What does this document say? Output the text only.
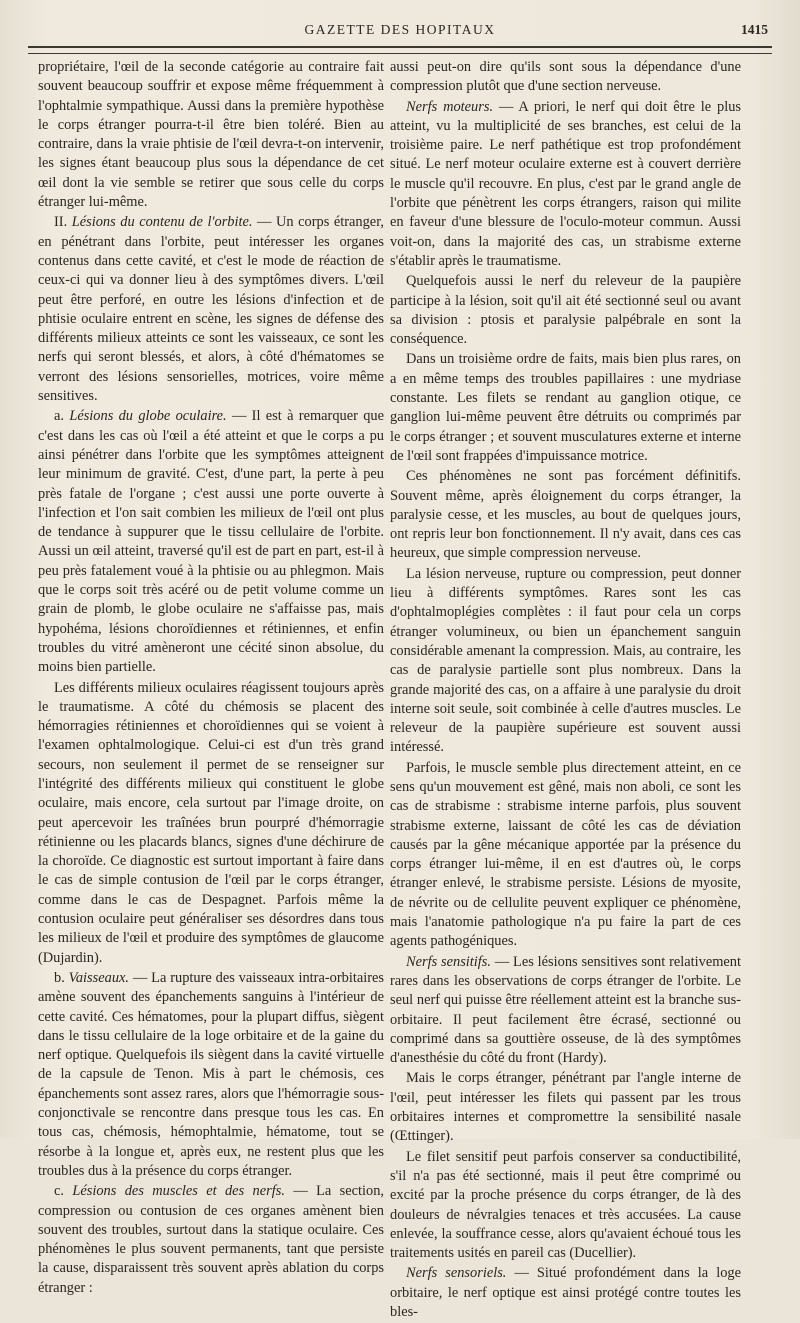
GAZETTE DES HOPITAUX	1415

propriétaire, l'œil de la seconde catégorie au contraire fait souvent beaucoup souffrir et expose même fréquemment à l'ophtalmie sympathique. Aussi dans la première hypothèse le corps étranger pourra-t-il être bien toléré. Bien au contraire, dans la vraie phtisie de l'œil devra-t-on intervenir, les signes étant beaucoup plus sous la dépendance de cet œil dont la vie semble se retirer que sous celle du corps étranger lui-même.

II. Lésions du contenu de l'orbite. — Un corps étranger, en pénétrant dans l'orbite, peut intéresser les organes contenus dans cette cavité, et c'est le mode de réaction de ceux-ci qui va donner lieu à des symptômes divers. L'œil peut être perforé, en outre les lésions d'infection et de phtisie oculaire entrent en scène, les signes de défense des différents milieux atteints ce sont les vaisseaux, ce sont les nerfs qui seront blessés, et alors, à côté d'hématomes se verront des lésions sensorielles, motrices, voire même sensitives.

a. Lésions du globe oculaire. — Il est à remarquer que c'est dans les cas où l'œil a été atteint et que le corps a pu ainsi pénétrer dans l'orbite que les symptômes atteignent leur minimum de gravité. C'est, d'une part, la perte à peu près fatale de l'organe ; c'est aussi une porte ouverte à l'infection et l'on sait combien les milieux de l'œil ont plus de tendance à suppurer que le tissu cellulaire de l'orbite. Aussi un œil atteint, traversé qu'il est de part en part, est-il à peu près fatalement voué à la phtisie ou au phlegmon. Mais que le corps soit très acéré ou de petit volume comme un grain de plomb, le globe oculaire ne s'affaisse pas, mais hypohéma, lésions choroïdiennes et rétiniennes, et enfin troubles du vitré amèneront une cécité sinon absolue, du moins bien partielle.

Les différents milieux oculaires réagissent toujours après le traumatisme. A côté du chémosis se placent des hémorragies rétiniennes et choroïdiennes qui se voient à l'examen ophtalmologique. Celui-ci est d'un très grand secours, non seulement il permet de se renseigner sur l'intégrité des différents milieux qui constituent le globe oculaire, mais encore, cela surtout par l'image droite, on peut apercevoir les traînées brun pourpré d'hémorragie rétinienne ou les placards blancs, signes d'une déchirure de la choroïde. Ce diagnostic est surtout important à faire dans le cas de simple contusion de l'œil par le corps étranger, comme dans le cas de Despagnet. Parfois même la contusion oculaire peut généraliser ses désordres dans tous les milieux de l'œil et produire des symptômes de glaucome (Dujardin).

b. Vaisseaux. — La rupture des vaisseaux intra-orbitaires amène souvent des épanchements sanguins à l'intérieur de cette cavité. Ces hématomes, pour la plupart diffus, siègent dans le tissu cellulaire de la loge orbitaire et de la gaine du nerf optique. Quelquefois ils siègent dans la cavité virtuelle de la capsule de Tenon. Mis à part le chémosis, ces épanchements sont assez rares, alors que l'hémorragie sous-conjonctivale se rencontre dans presque tous les cas. En tous cas, chémosis, hémophtalmie, hématome, tout se résorbe à la longue et, après eux, ne restent plus que les troubles dus à la présence du corps étranger.

c. Lésions des muscles et des nerfs. — La section, compression ou contusion de ces organes amènent bien souvent des troubles, surtout dans la statique oculaire. Ces phénomènes le plus souvent permanents, tant que persiste la cause, disparaissent très souvent après ablation du corps étranger :

aussi peut-on dire qu'ils sont sous la dépendance d'une compression plutôt que d'une section nerveuse.

Nerfs moteurs. — A priori, le nerf qui doit être le plus atteint, vu la multiplicité de ses branches, est celui de la troisième paire. Le nerf pathétique est trop profondément situé. Le nerf moteur oculaire externe est à couvert derrière le muscle qu'il recouvre. En plus, c'est par le grand angle de l'orbite que pénètrent les corps étrangers, raison qui milite en faveur d'une blessure de l'oculo-moteur commun. Aussi voit-on, dans la majorité des cas, un strabisme externe s'établir après le traumatisme.

Quelquefois aussi le nerf du releveur de la paupière participe à la lésion, soit qu'il ait été sectionné seul ou avant sa division : ptosis et paralysie palpébrale en sont la conséquence.

Dans un troisième ordre de faits, mais bien plus rares, on a en même temps des troubles papillaires : une mydriase constante. Les filets se rendant au ganglion otique, ce ganglion lui-même peuvent être détruits ou comprimés par le corps étranger ; et souvent musculatures externe et interne de l'œil sont frappées d'impuissance motrice.

Ces phénomènes ne sont pas forcément définitifs. Souvent même, après éloignement du corps étranger, la paralysie cesse, et les muscles, au bout de quelques jours, ont repris leur bon fonctionnement. Il n'y avait, dans ces cas heureux, que simple compression nerveuse.

La lésion nerveuse, rupture ou compression, peut donner lieu à différents symptômes. Rares sont les cas d'ophtalmoplégies complètes : il faut pour cela un corps étranger volumineux, ou bien un épanchement sanguin considérable amenant la compression. Mais, au contraire, les cas de paralysie partielle sont plus nombreux. Dans la grande majorité des cas, on a affaire à une paralysie du droit interne soit seule, soit combinée à celle d'autres muscles. Le releveur de la paupière supérieure est souvent aussi intéressé.

Parfois, le muscle semble plus directement atteint, en ce sens qu'un mouvement est gêné, mais non aboli, ce sont les cas de strabisme : strabisme interne parfois, plus souvent strabisme externe, laissant de côté les cas de déviation causés par la gêne mécanique apportée par la présence du corps étranger lui-même, il en est d'autres où, le corps étranger enlevé, le strabisme persiste. Lésions de myosite, de névrite ou de cellulite peuvent expliquer ce phénomène, mais l'anatomie pathologique n'a pu faire la part de ces agents pathogéniques.

Nerfs sensitifs. — Les lésions sensitives sont relativement rares dans les observations de corps étranger de l'orbite. Le seul nerf qui puisse être réellement atteint est la branche sus-orbitaire. Il peut facilement être écrasé, sectionné ou comprimé dans sa gouttière osseuse, de là des symptômes d'anesthésie du côté du front (Hardy).

Mais le corps étranger, pénétrant par l'angle interne de l'œil, peut intéresser les filets qui passent par les trous orbitaires internes et compromettre la sensibilité nasale (Œttinger).

Le filet sensitif peut parfois conserver sa conductibilité, s'il n'a pas été sectionné, mais il peut être comprimé ou excité par la proche présence du corps étranger, de là des douleurs de névralgies tenaces et très accusées. La cause enlevée, la souffrance cesse, alors qu'avaient échoué tous les traitements usités en pareil cas (Ducellier).

Nerfs sensoriels. — Situé profondément dans la loge orbitaire, le nerf optique est ainsi protégé contre toutes les bles-
